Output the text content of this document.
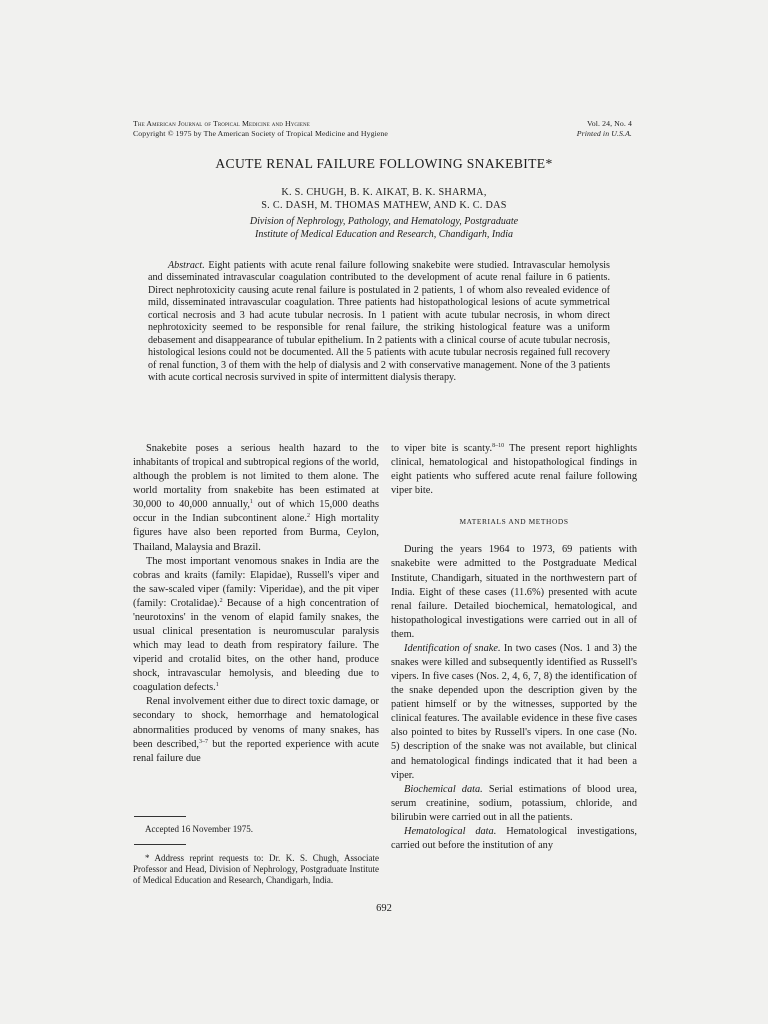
The American Journal of Tropical Medicine and Hygiene
Copyright © 1975 by The American Society of Tropical Medicine and Hygiene
Vol. 24, No. 4
Printed in U.S.A.
ACUTE RENAL FAILURE FOLLOWING SNAKEBITE*
K. S. CHUGH, B. K. AIKAT, B. K. SHARMA,
S. C. DASH, M. THOMAS MATHEW, AND K. C. DAS
Division of Nephrology, Pathology, and Hematology, Postgraduate
Institute of Medical Education and Research, Chandigarh, India

Abstract. Eight patients with acute renal failure following snakebite were studied. Intravascular hemolysis and disseminated intravascular coagulation contributed to the development of acute renal failure in 6 patients. Direct nephrotoxicity causing acute renal failure is postulated in 2 patients, 1 of whom also revealed evidence of mild, disseminated intravascular coagulation. Three patients had histopathological lesions of acute symmetrical cortical necrosis and 3 had acute tubular necrosis. In 1 patient with acute tubular necrosis, in whom direct nephrotoxicity seemed to be responsible for renal failure, the striking histological feature was a uniform debasement and disappearance of tubular epithelium. In 2 patients with a clinical course of acute tubular necrosis, histological lesions could not be documented. All the 5 patients with acute tubular necrosis regained full recovery of renal function, 3 of them with the help of dialysis and 2 with conservative management. None of the 3 patients with acute cortical necrosis survived in spite of intermittent dialysis therapy.

Snakebite poses a serious health hazard to the inhabitants of tropical and subtropical regions of the world, although the problem is not limited to them alone. The world mortality from snakebite has been estimated at 30,000 to 40,000 annually,$^1$ out of which 15,000 deaths occur in the Indian subcontinent alone.$^2$ High mortality figures have also been reported from Burma, Ceylon, Thailand, Malaysia and Brazil.

The most important venomous snakes in India are the cobras and kraits (family: Elapidae), Russell's viper and the saw-scaled viper (family: Viperidae), and the pit viper (family: Crotalidae).$^2$ Because of a high concentration of 'neurotoxins' in the venom of elapid family snakes, the usual clinical presentation is neuromuscular paralysis which may lead to death from respiratory failure. The viperid and crotalid bites, on the other hand, produce shock, intravascular hemolysis, and bleeding due to coagulation defects.$^1$

Renal involvement either due to direct toxic damage, or secondary to shock, hemorrhage and hematological abnormalities produced by venoms of many snakes, has been described,$^{3-7}$ but the reported experience with acute renal failure due

Accepted 16 November 1975.

* Address reprint requests to: Dr. K. S. Chugh, Associate Professor and Head, Division of Nephrology, Postgraduate Institute of Medical Education and Research, Chandigarh, India.

to viper bite is scanty.$^{8-10}$ The present report highlights clinical, hematological and histopathological findings in eight patients who suffered acute renal failure following viper bite.

MATERIALS AND METHODS

During the years 1964 to 1973, 69 patients with snakebite were admitted to the Postgraduate Medical Institute, Chandigarh, situated in the northwestern part of India. Eight of these cases (11.6%) presented with acute renal failure. Detailed biochemical, hematological, and histopathological investigations were carried out in all of them.

Identification of snake. In two cases (Nos. 1 and 3) the snakes were killed and subsequently identified as Russell's vipers. In five cases (Nos. 2, 4, 6, 7, 8) the identification of the snake depended upon the description given by the patient himself or by the witnesses, supported by the clinical features. The available evidence in these five cases also pointed to bites by Russell's vipers. In one case (No. 5) description of the snake was not available, but clinical and hematological findings indicated that it had been a viper.

Biochemical data. Serial estimations of blood urea, serum creatinine, sodium, potassium, chloride, and bilirubin were carried out in all the patients.

Hematological data. Hematological investigations, carried out before the institution of any

692
